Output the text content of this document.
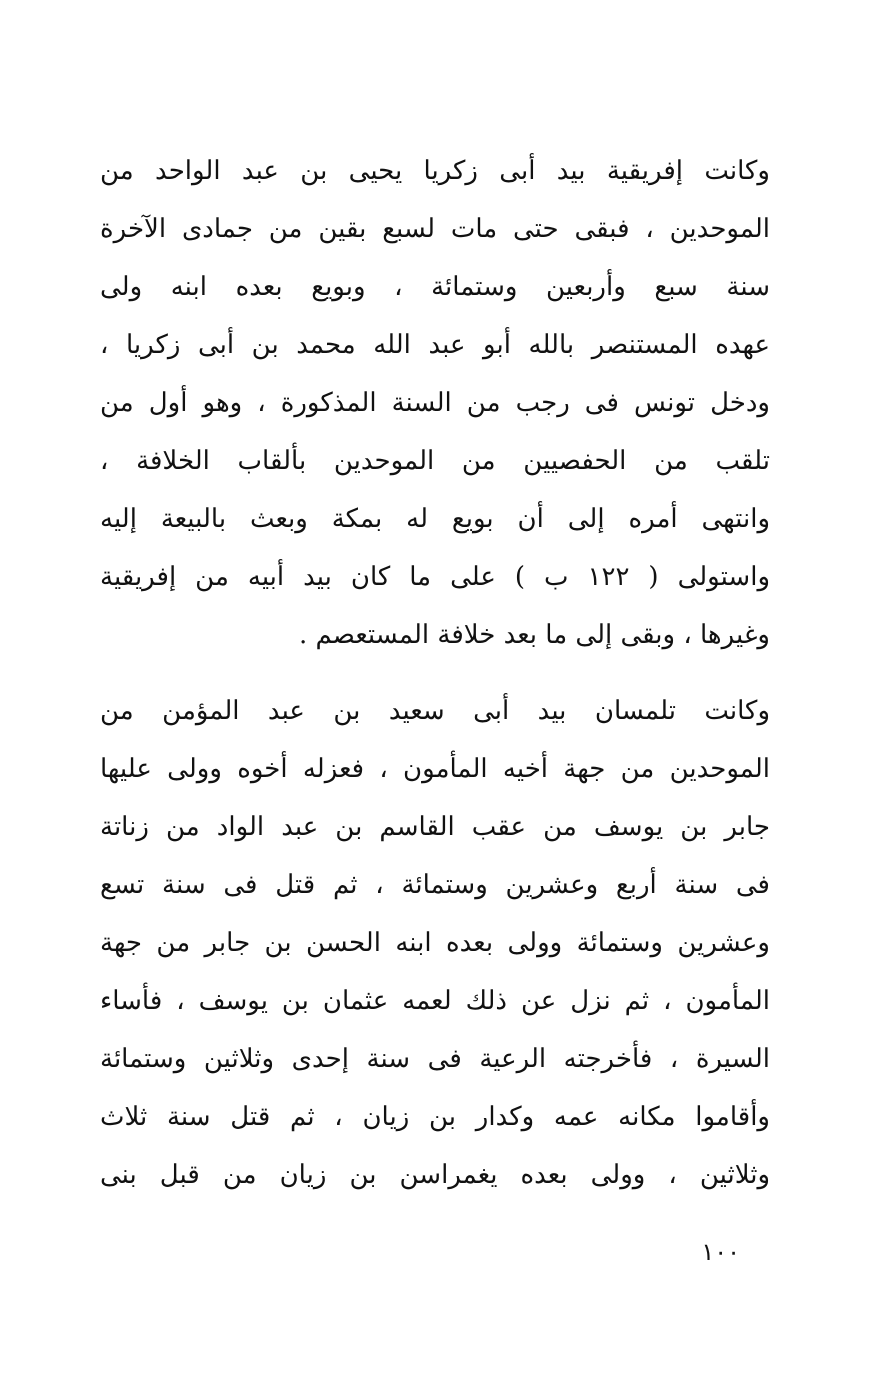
وكانت إفريقية بيد أبى زكريا يحيى بن عبد الواحد من
الموحدين ، فبقى حتى مات لسبع بقين من جمادى الآخرة
سنة سبع وأربعين وستمائة ، وبويع بعده ابنه ولى
عهده المستنصر بالله أبو عبد الله محمد بن أبى زكريا ،
ودخل تونس فى رجب من السنة المذكورة ، وهو أول من
تلقب من الحفصيين من الموحدين بألقاب الخلافة ،
وانتهى أمره إلى أن بويع له بمكة وبعث بالبيعة إليه
واستولى ( ١٢٢ ب ) على ما كان بيد أبيه من إفريقية
وغيرها ، وبقى إلى ما بعد خلافة المستعصم .
وكانت تلمسان بيد أبى سعيد بن عبد المؤمن من
الموحدين من جهة أخيه المأمون ، فعزله أخوه وولى عليها
جابر بن يوسف من عقب القاسم بن عبد الواد من زناتة
فى سنة أربع وعشرين وستمائة ، ثم قتل فى سنة تسع
وعشرين وستمائة وولى بعده ابنه الحسن بن جابر من جهة
المأمون ، ثم نزل عن ذلك لعمه عثمان بن يوسف ، فأساء
السيرة ، فأخرجته الرعية فى سنة إحدى وثلاثين وستمائة
وأقاموا مكانه عمه وكدار بن زيان ، ثم قتل سنة ثلاث
وثلاثين ، وولى بعده يغمراسن بن زيان من قبل بنى
١٠٠
